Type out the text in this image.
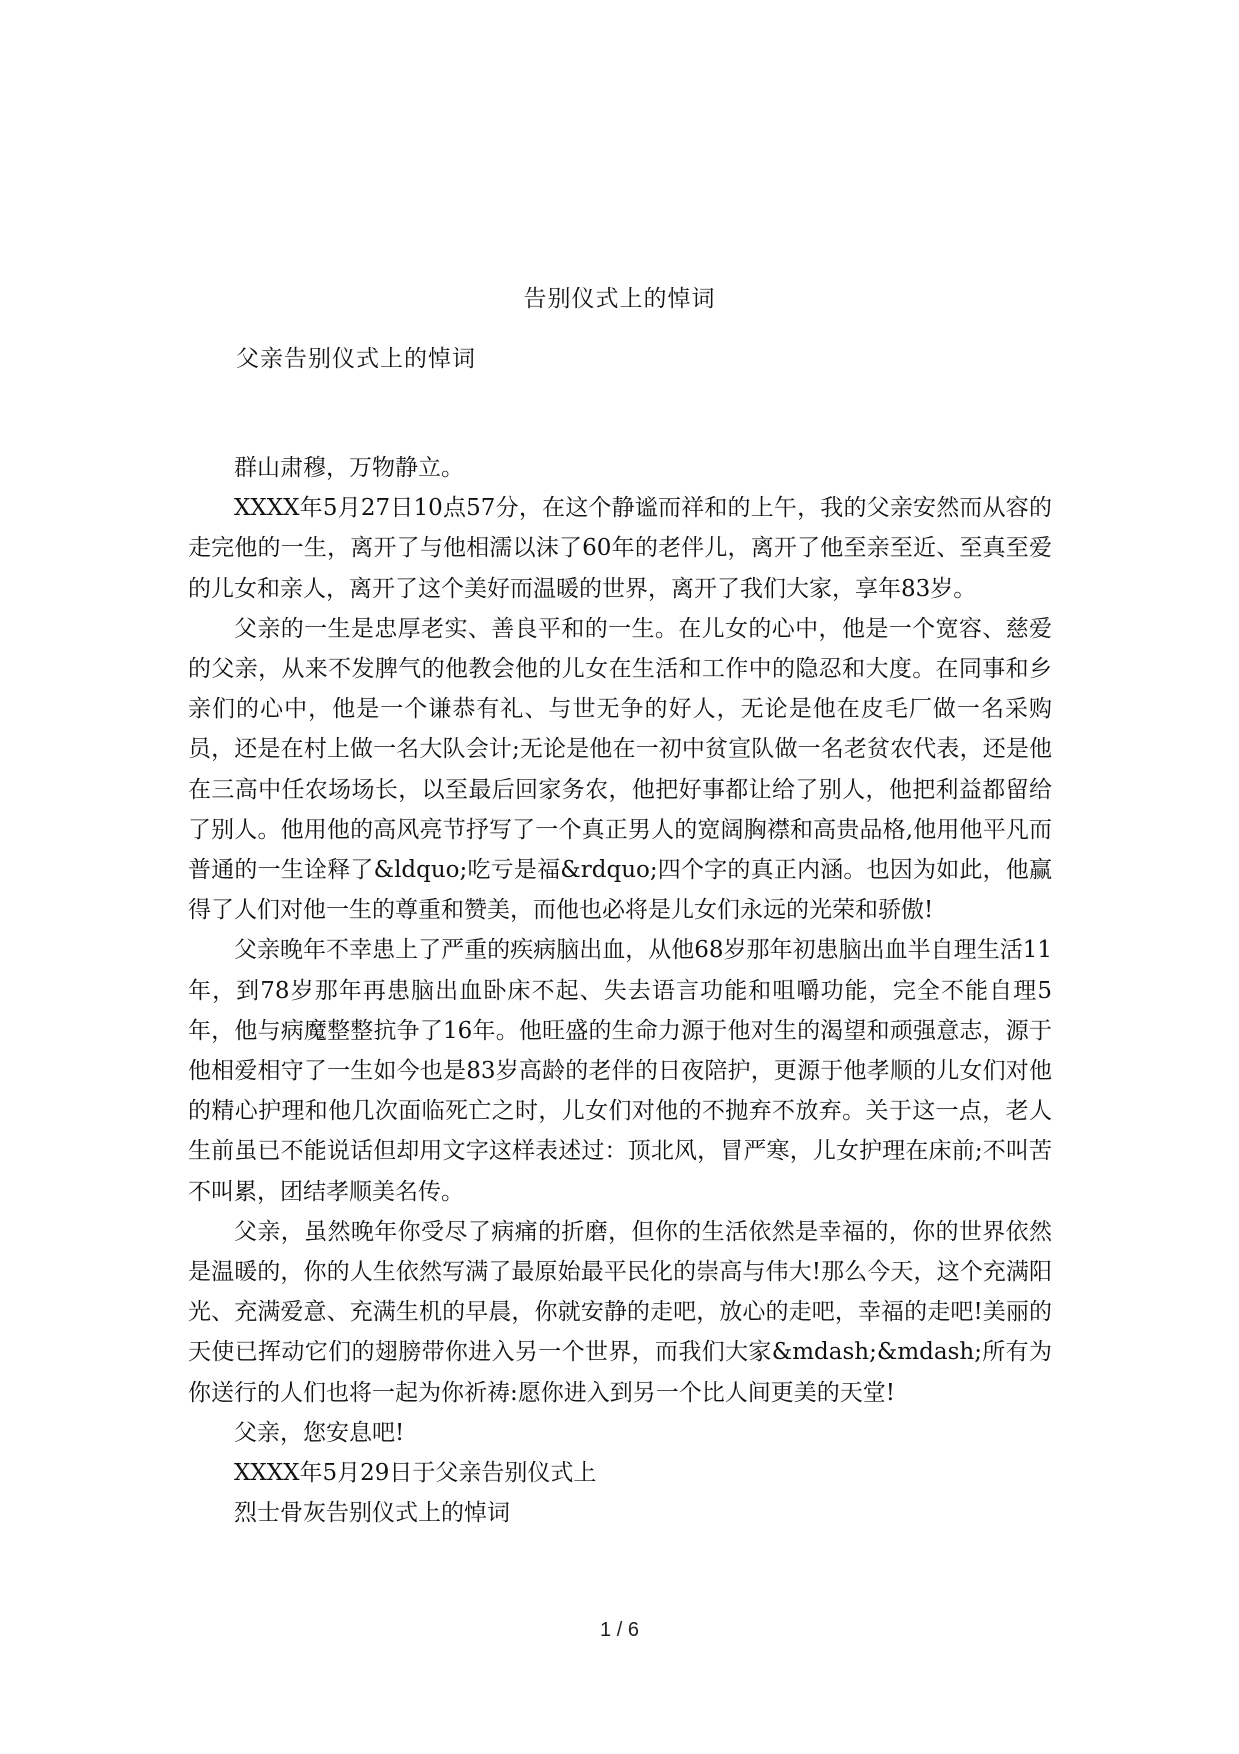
告别仪式上的悼词
父亲告别仪式上的悼词

群山肃穆，万物静立。

XXXX年5月27日10点57分，在这个静谧而祥和的上午，我的父亲安然而从容的走完他的一生，离开了与他相濡以沫了60年的老伴儿，离开了他至亲至近、至真至爱的儿女和亲人，离开了这个美好而温暖的世界，离开了我们大家，享年83岁。

父亲的一生是忠厚老实、善良平和的一生。在儿女的心中，他是一个宽容、慈爱的父亲，从来不发脾气的他教会他的儿女在生活和工作中的隐忍和大度。在同事和乡亲们的心中，他是一个谦恭有礼、与世无争的好人，无论是他在皮毛厂做一名采购员，还是在村上做一名大队会计;无论是他在一初中贫宣队做一名老贫农代表，还是他在三高中任农场场长，以至最后回家务农，他把好事都让给了别人，他把利益都留给了别人。他用他的高风亮节抒写了一个真正男人的宽阔胸襟和高贵品格,他用他平凡而普通的一生诠释了&ldquo;吃亏是福&rdquo;四个字的真正内涵。也因为如此，他赢得了人们对他一生的尊重和赞美，而他也必将是儿女们永远的光荣和骄傲!

父亲晚年不幸患上了严重的疾病脑出血，从他68岁那年初患脑出血半自理生活11年，到78岁那年再患脑出血卧床不起、失去语言功能和咀嚼功能，完全不能自理5年，他与病魔整整抗争了16年。他旺盛的生命力源于他对生的渴望和顽强意志，源于他相爱相守了一生如今也是83岁高龄的老伴的日夜陪护，更源于他孝顺的儿女们对他的精心护理和他几次面临死亡之时，儿女们对他的不抛弃不放弃。关于这一点，老人生前虽已不能说话但却用文字这样表述过：顶北风，冒严寒，儿女护理在床前;不叫苦不叫累，团结孝顺美名传。

父亲，虽然晚年你受尽了病痛的折磨，但你的生活依然是幸福的，你的世界依然是温暖的，你的人生依然写满了最原始最平民化的崇高与伟大!那么今天，这个充满阳光、充满爱意、充满生机的早晨，你就安静的走吧，放心的走吧，幸福的走吧!美丽的天使已挥动它们的翅膀带你进入另一个世界，而我们大家&mdash;&mdash;所有为你送行的人们也将一起为你祈祷:愿你进入到另一个比人间更美的天堂!

父亲，您安息吧!

XXXX年5月29日于父亲告别仪式上

烈士骨灰告别仪式上的悼词

1 / 6
